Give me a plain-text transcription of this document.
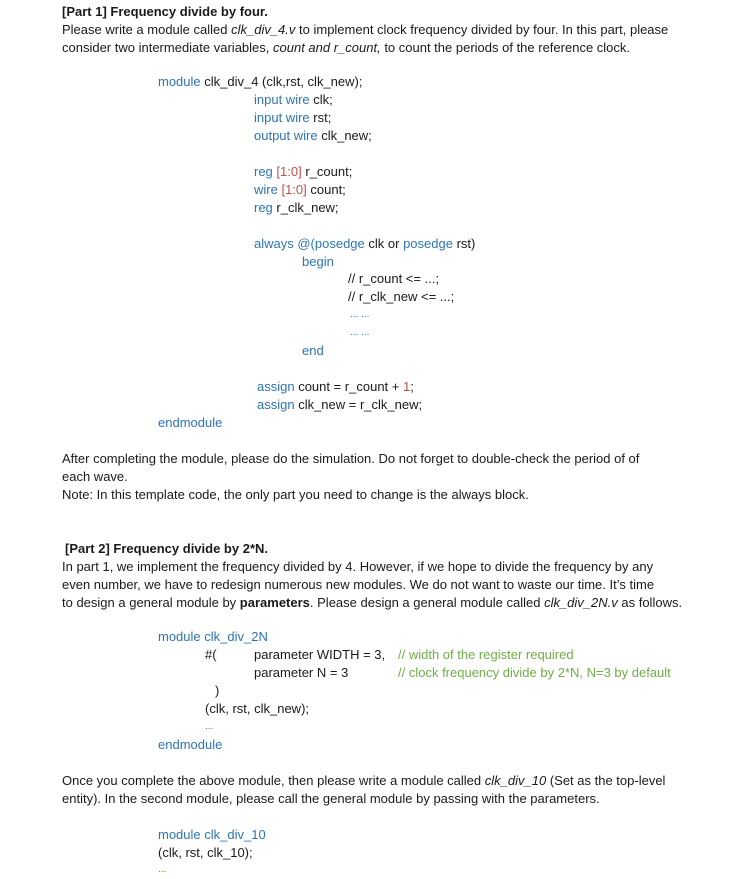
[Part 1] Frequency divide by four.
Please write a module called clk_div_4.v to implement clock frequency divided by four. In this part, please
consider two intermediate variables, count and r_count, to count the periods of the reference clock.
module clk_div_4 (clk,rst, clk_new);
input wire clk;
input wire rst;
output wire clk_new;
reg [1:0] r_count;
wire [1:0] count;
reg r_clk_new;
always @(posedge clk or posedge rst)
begin
// r_count <= ...;
// r_clk_new <= ...;
... ...
... ...
end
assign count = r_count + 1;
assign clk_new = r_clk_new;
endmodule
After completing the module, please do the simulation. Do not forget to double-check the period of of
each wave.
Note: In this template code, the only part you need to change is the always block.
[Part 2] Frequency divide by 2*N.
In part 1, we implement the frequency divided by 4. However, if we hope to divide the frequency by any
even number, we have to redesign numerous new modules. We do not want to waste our time. It’s time
to design a general module by parameters. Please design a general module called clk_div_2N.v as follows.
module clk_div_2N
#(	parameter WIDTH = 3, // width of the register required
parameter N = 3	// clock frequency divide by 2*N, N=3 by default
)
(clk, rst, clk_new);
...
endmodule
Once you complete the above module, then please write a module called clk_div_10 (Set as the top-level
entity). In the second module, please call the general module by passing with the parameters.
module clk_div_10
(clk, rst, clk_10);
...
